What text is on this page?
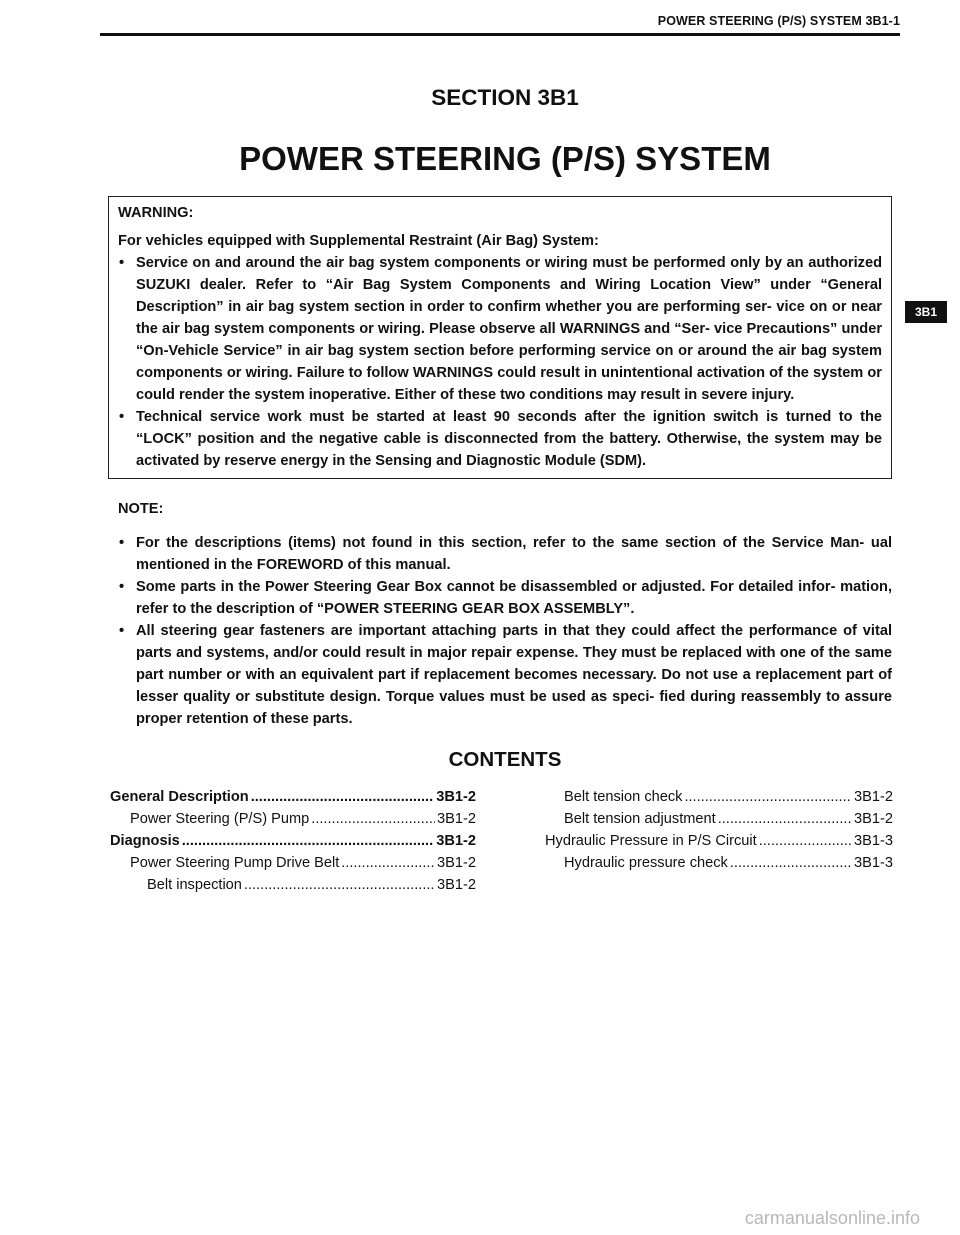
POWER STEERING (P/S) SYSTEM 3B1-1
3B1
SECTION 3B1
POWER STEERING (P/S) SYSTEM
WARNING:
For vehicles equipped with Supplemental Restraint (Air Bag) System:
• Service on and around the air bag system components or wiring must be performed only by an authorized SUZUKI dealer. Refer to “Air Bag System Components and Wiring Location View” under “General Description” in air bag system section in order to confirm whether you are performing ser- vice on or near the air bag system components or wiring. Please observe all WARNINGS and “Ser- vice Precautions” under “On-Vehicle Service” in air bag system section before performing service on or around the air bag system components or wiring. Failure to follow WARNINGS could result in unintentional activation of the system or could render the system inoperative. Either of these two conditions may result in severe injury.
• Technical service work must be started at least 90 seconds after the ignition switch is turned to the “LOCK” position and the negative cable is disconnected from the battery. Otherwise, the system may be activated by reserve energy in the Sensing and Diagnostic Module (SDM).
NOTE:
• For the descriptions (items) not found in this section, refer to the same section of the Service Man- ual mentioned in the FOREWORD of this manual.
• Some parts in the Power Steering Gear Box cannot be disassembled or adjusted. For detailed infor- mation, refer to the description of “POWER STEERING GEAR BOX ASSEMBLY”.
• All steering gear fasteners are important attaching parts in that they could affect the performance of vital parts and systems, and/or could result in major repair expense. They must be replaced with one of the same part number or with an equivalent part if replacement becomes necessary. Do not use a replacement part of lesser quality or substitute design. Torque values must be used as speci- fied during reassembly to assure proper retention of these parts.
CONTENTS
General Description .....	3B1-2
Power Steering (P/S) Pump .....	3B1-2
Diagnosis .....	3B1-2
Power Steering Pump Drive Belt .....	3B1-2
Belt inspection .....	3B1-2
Belt tension check .....	3B1-2
Belt tension adjustment .....	3B1-2
Hydraulic Pressure in P/S Circuit .....	3B1-3
Hydraulic pressure check .....	3B1-3
carmanualsonline.info
